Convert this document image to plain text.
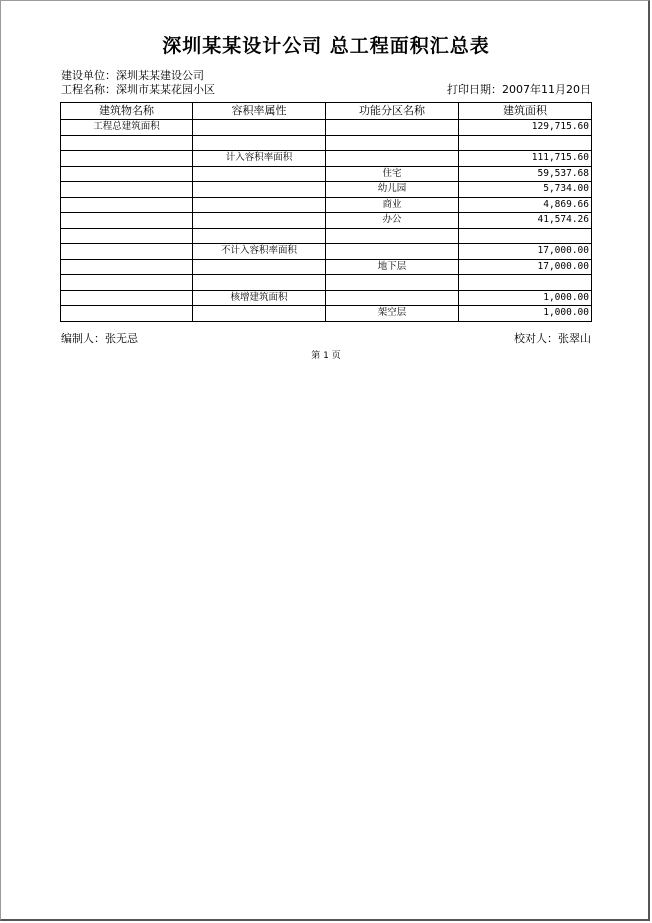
深圳某某设计公司 总工程面积汇总表
建设单位：深圳某某建设公司
工程名称：深圳市某某花园小区	打印日期：2007年11月20日
建筑物名称	容积率属性	功能分区名称	建筑面积
工程总建筑面积			129,715.60

	计入容积率面积		111,715.60
		住宅	59,537.68
		幼儿园	5,734.00
		商业	4,869.66
		办公	41,574.26

	不计入容积率面积		17,000.00
		地下层	17,000.00

	核增建筑面积		1,000.00
		架空层	1,000.00
编制人：张无忌	校对人：张翠山
第 1 页
